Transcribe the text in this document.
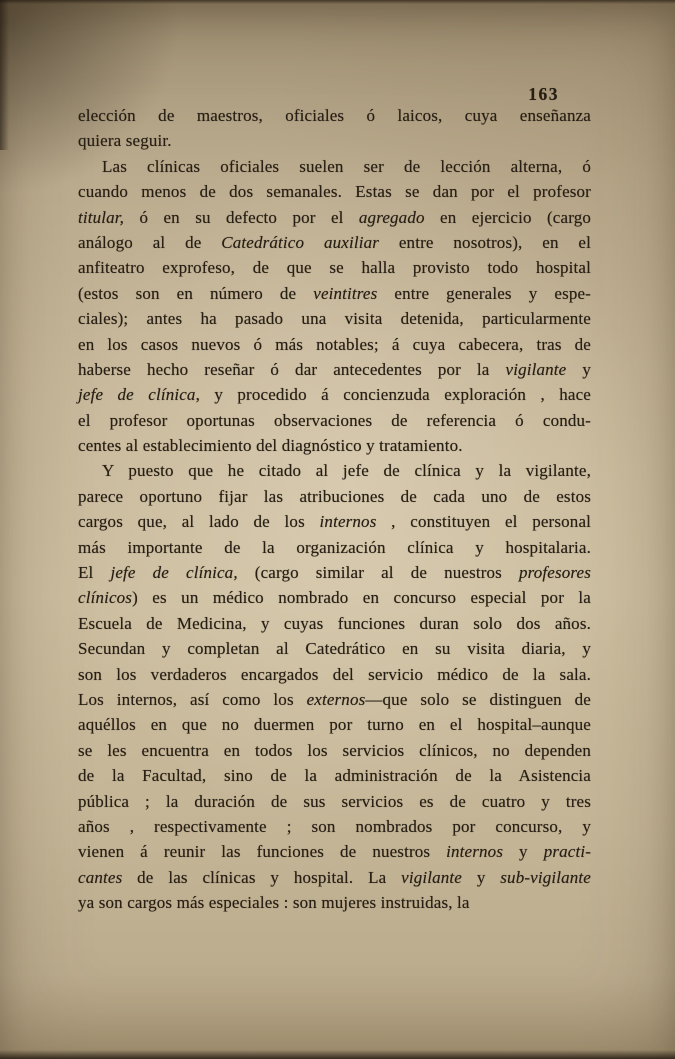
163
elección de maestros, oficiales ó laicos, cuya enseñanza
quiera seguir.
Las clínicas oficiales suelen ser de lección alterna, ó
cuando menos de dos semanales. Estas se dan por el profesor
titular, ó en su defecto por el agregado en ejercicio (cargo
análogo al de Catedrático auxiliar entre nosotros), en el
anfiteatro exprofeso, de que se halla provisto todo hospital
(estos son en número de veintitres entre generales y espe-
ciales); antes ha pasado una visita detenida, particularmente
en los casos nuevos ó más notables; á cuya cabecera, tras de
haberse hecho reseñar ó dar antecedentes por la vigilante y
jefe de clínica, y procedido á concienzuda exploración , hace
el profesor oportunas observaciones de referencia ó condu-
centes al establecimiento del diagnóstico y tratamiento.
Y puesto que he citado al jefe de clínica y la vigilante,
parece oportuno fijar las atribuciones de cada uno de estos
cargos que, al lado de los internos , constituyen el personal
más importante de la organización clínica y hospitalaria.
El jefe de clínica, (cargo similar al de nuestros profesores
clínicos) es un médico nombrado en concurso especial por la
Escuela de Medicina, y cuyas funciones duran solo dos años.
Secundan y completan al Catedrático en su visita diaria, y
son los verdaderos encargados del servicio médico de la sala.
Los internos, así como los externos—que solo se distinguen de
aquéllos en que no duermen por turno en el hospital–aunque
se les encuentra en todos los servicios clínicos, no dependen
de la Facultad, sino de la administración de la Asistencia
pública ; la duración de sus servicios es de cuatro y tres
años , respectivamente ; son nombrados por concurso, y
vienen á reunir las funciones de nuestros internos y practi-
cantes de las clínicas y hospital. La vigilante y sub-vigilante
ya son cargos más especiales : son mujeres instruidas, la
